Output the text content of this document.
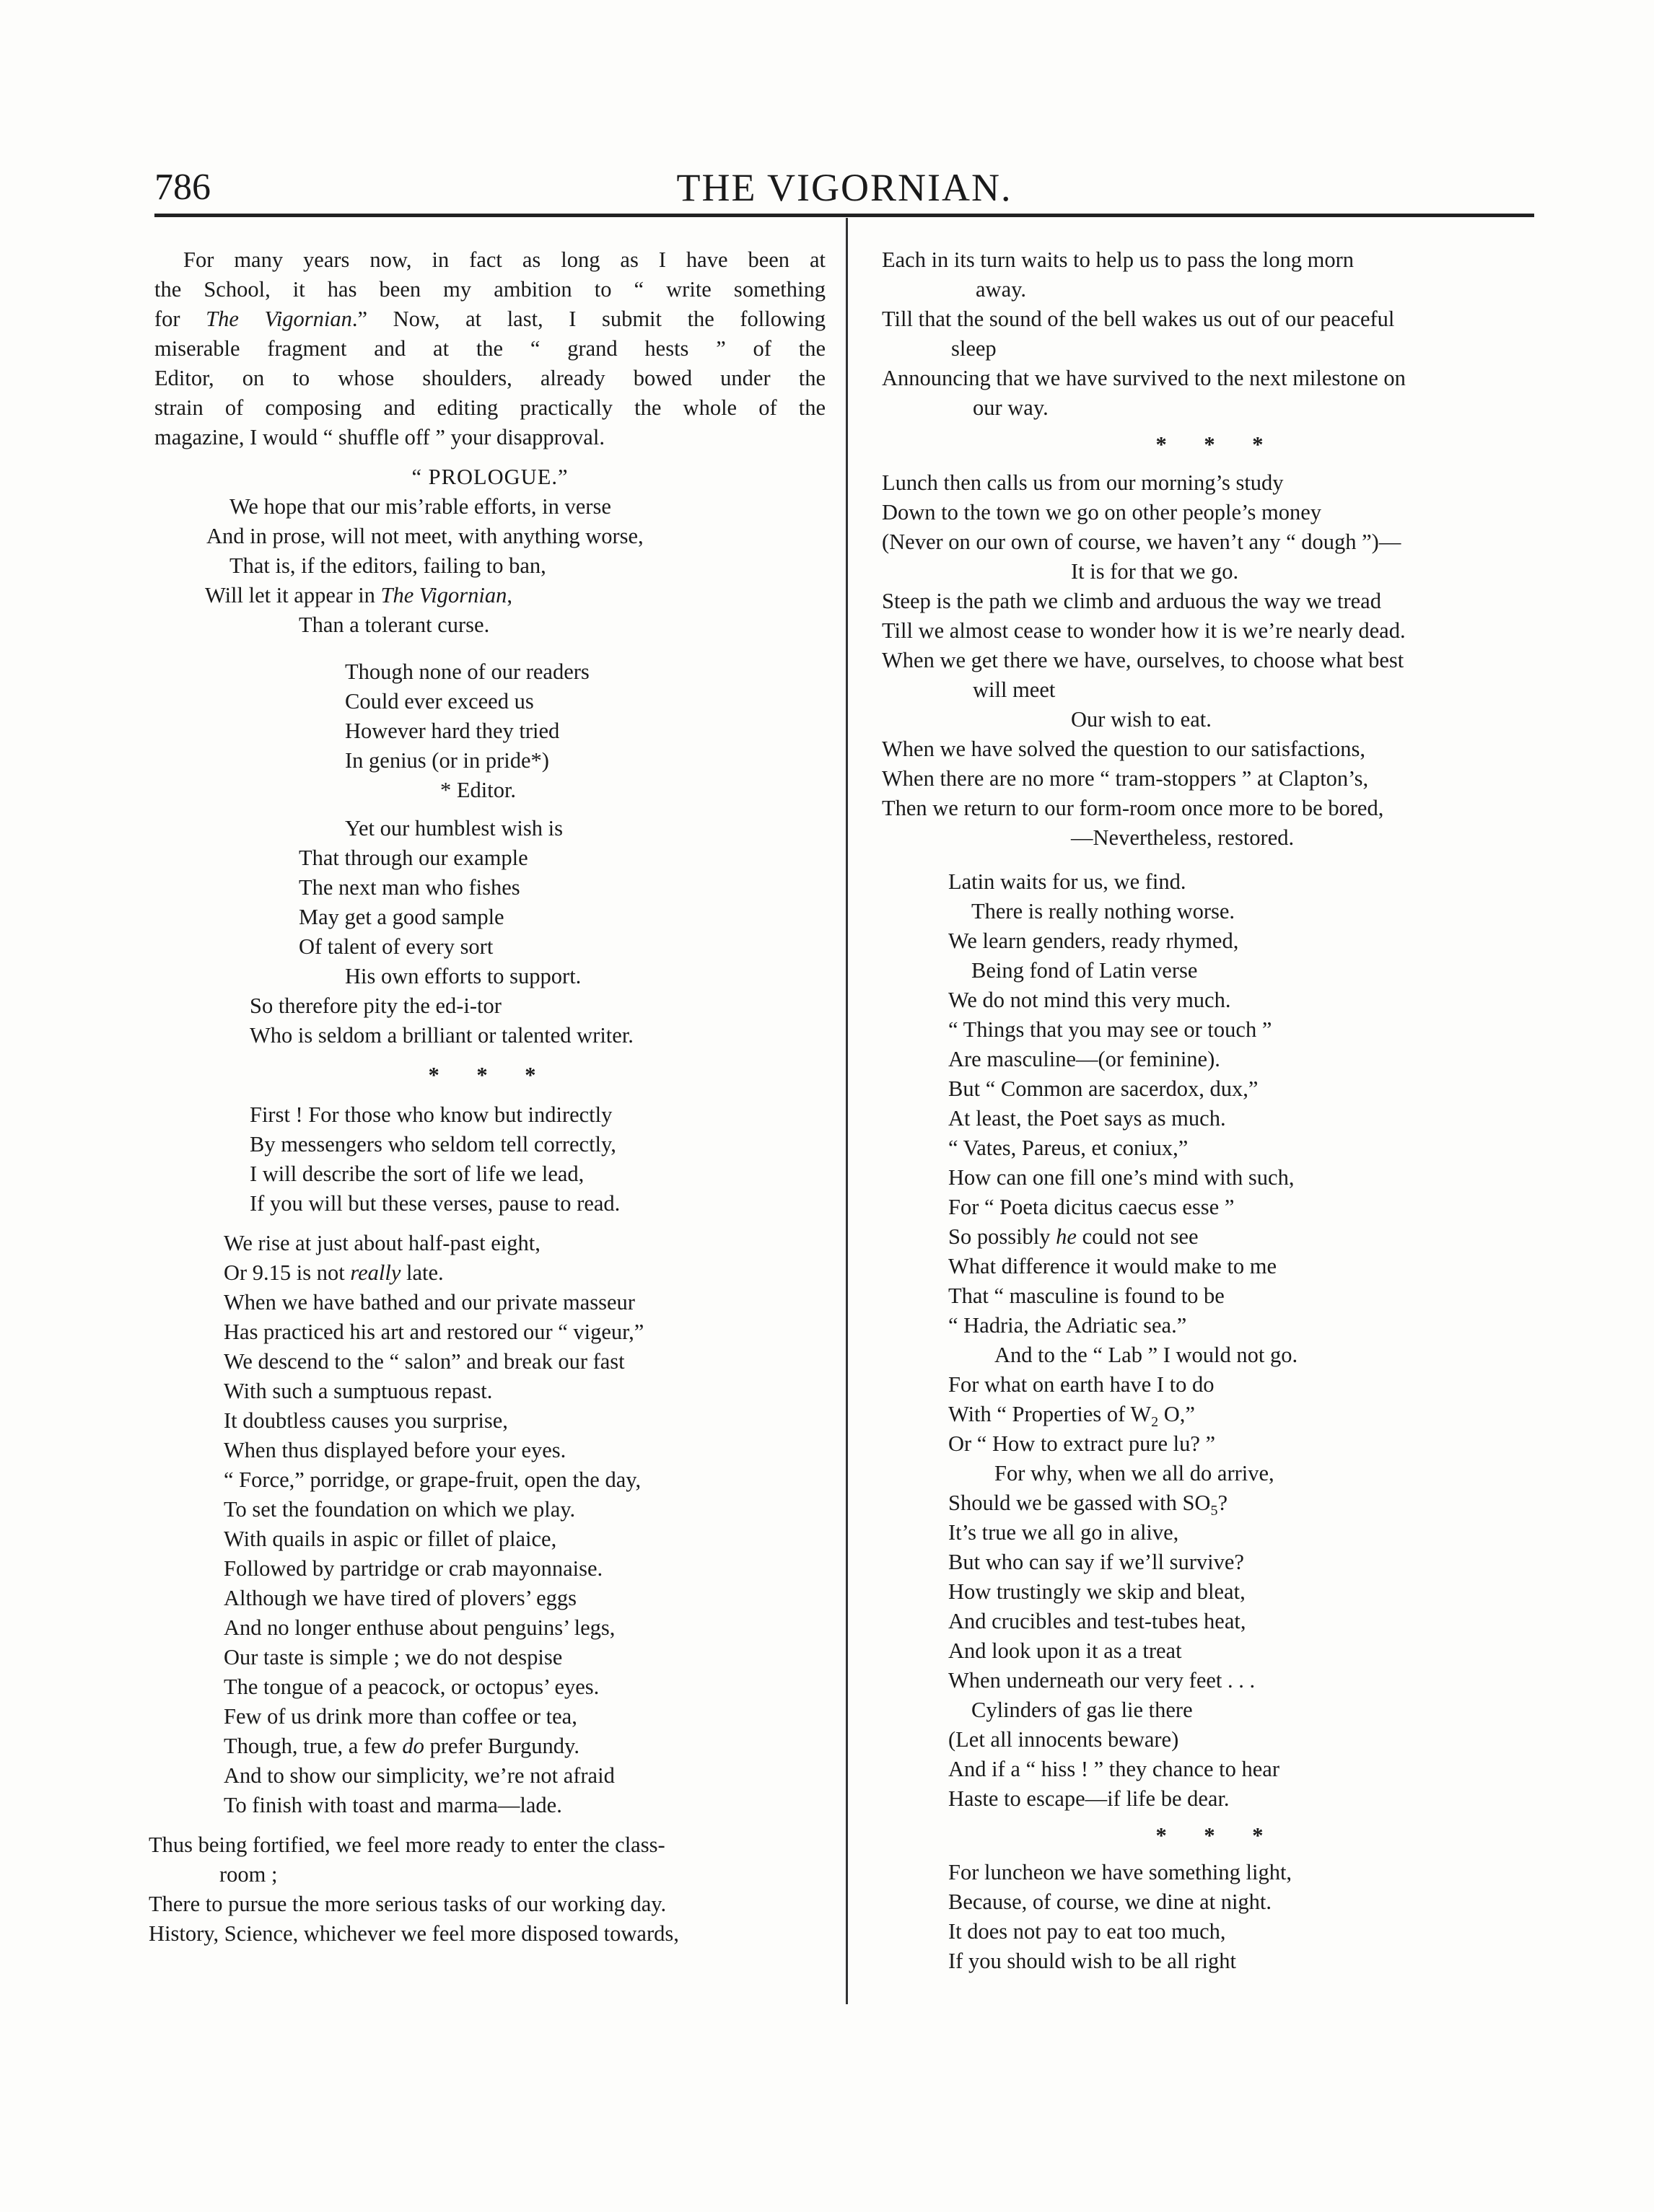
786	THE VIGORNIAN.
For many years now, in fact as long as I have been at
the School, it has been my ambition to “ write something
for The Vigornian.” Now, at last, I submit the following
miserable fragment and at the “ grand hests ” of the
Editor, on to whose shoulders, already bowed under the
strain of composing and editing practically the whole of the
magazine, I would “ shuffle off ” your disapproval.
“ PROLOGUE.”
We hope that our mis’rable efforts, in verse
And in prose, will not meet, with anything worse,
That is, if the editors, failing to ban,
Will let it appear in The Vigornian,
Than a tolerant curse.
Though none of our readers
Could ever exceed us
However hard they tried
In genius (or in pride*)
* Editor.
Yet our humblest wish is
That through our example
The next man who fishes
May get a good sample
Of talent of every sort
His own efforts to support.
So therefore pity the ed-i-tor
Who is seldom a brilliant or talented writer.
* * *
First ! For those who know but indirectly
By messengers who seldom tell correctly,
I will describe the sort of life we lead,
If you will but these verses, pause to read.
We rise at just about half-past eight,
Or 9.15 is not really late.
When we have bathed and our private masseur
Has practiced his art and restored our “ vigeur,”
We descend to the “ salon” and break our fast
With such a sumptuous repast.
It doubtless causes you surprise,
When thus displayed before your eyes.
“ Force,” porridge, or grape-fruit, open the day,
To set the foundation on which we play.
With quails in aspic or fillet of plaice,
Followed by partridge or crab mayonnaise.
Although we have tired of plovers’ eggs
And no longer enthuse about penguins’ legs,
Our taste is simple ; we do not despise
The tongue of a peacock, or octopus’ eyes.
Few of us drink more than coffee or tea,
Though, true, a few do prefer Burgundy.
And to show our simplicity, we’re not afraid
To finish with toast and marma—lade.
Thus being fortified, we feel more ready to enter the class-
room ;
There to pursue the more serious tasks of our working day.
History, Science, whichever we feel more disposed towards,
Each in its turn waits to help us to pass the long morn
away.
Till that the sound of the bell wakes us out of our peaceful
sleep
Announcing that we have survived to the next milestone on
our way.
* * *
Lunch then calls us from our morning’s study
Down to the town we go on other people’s money
(Never on our own of course, we haven’t any “ dough ”)—
It is for that we go.
Steep is the path we climb and arduous the way we tread
Till we almost cease to wonder how it is we’re nearly dead.
When we get there we have, ourselves, to choose what best
will meet
Our wish to eat.
When we have solved the question to our satisfactions,
When there are no more “ tram-stoppers ” at Clapton’s,
Then we return to our form-room once more to be bored,
—Nevertheless, restored.
Latin waits for us, we find.
There is really nothing worse.
We learn genders, ready rhymed,
Being fond of Latin verse
We do not mind this very much.
“ Things that you may see or touch ”
Are masculine—(or feminine).
But “ Common are sacerdox, dux,”
At least, the Poet says as much.
“ Vates, Pareus, et coniux,”
How can one fill one’s mind with such,
For “ Poeta dicitus caecus esse ”
So possibly he could not see
What difference it would make to me
That “ masculine is found to be
“ Hadria, the Adriatic sea.”
And to the “ Lab ” I would not go.
For what on earth have I to do
With “ Properties of $W_2$ O,”
Or “ How to extract pure lu? ”
For why, when we all do arrive,
Should we be gassed with $SO_5$?
It’s true we all go in alive,
But who can say if we’ll survive?
How trustingly we skip and bleat,
And crucibles and test-tubes heat,
And look upon it as a treat
When underneath our very feet . . .
Cylinders of gas lie there
(Let all innocents beware)
And if a “ hiss ! ” they chance to hear
Haste to escape—if life be dear.
* * *
For luncheon we have something light,
Because, of course, we dine at night.
It does not pay to eat too much,
If you should wish to be all right
